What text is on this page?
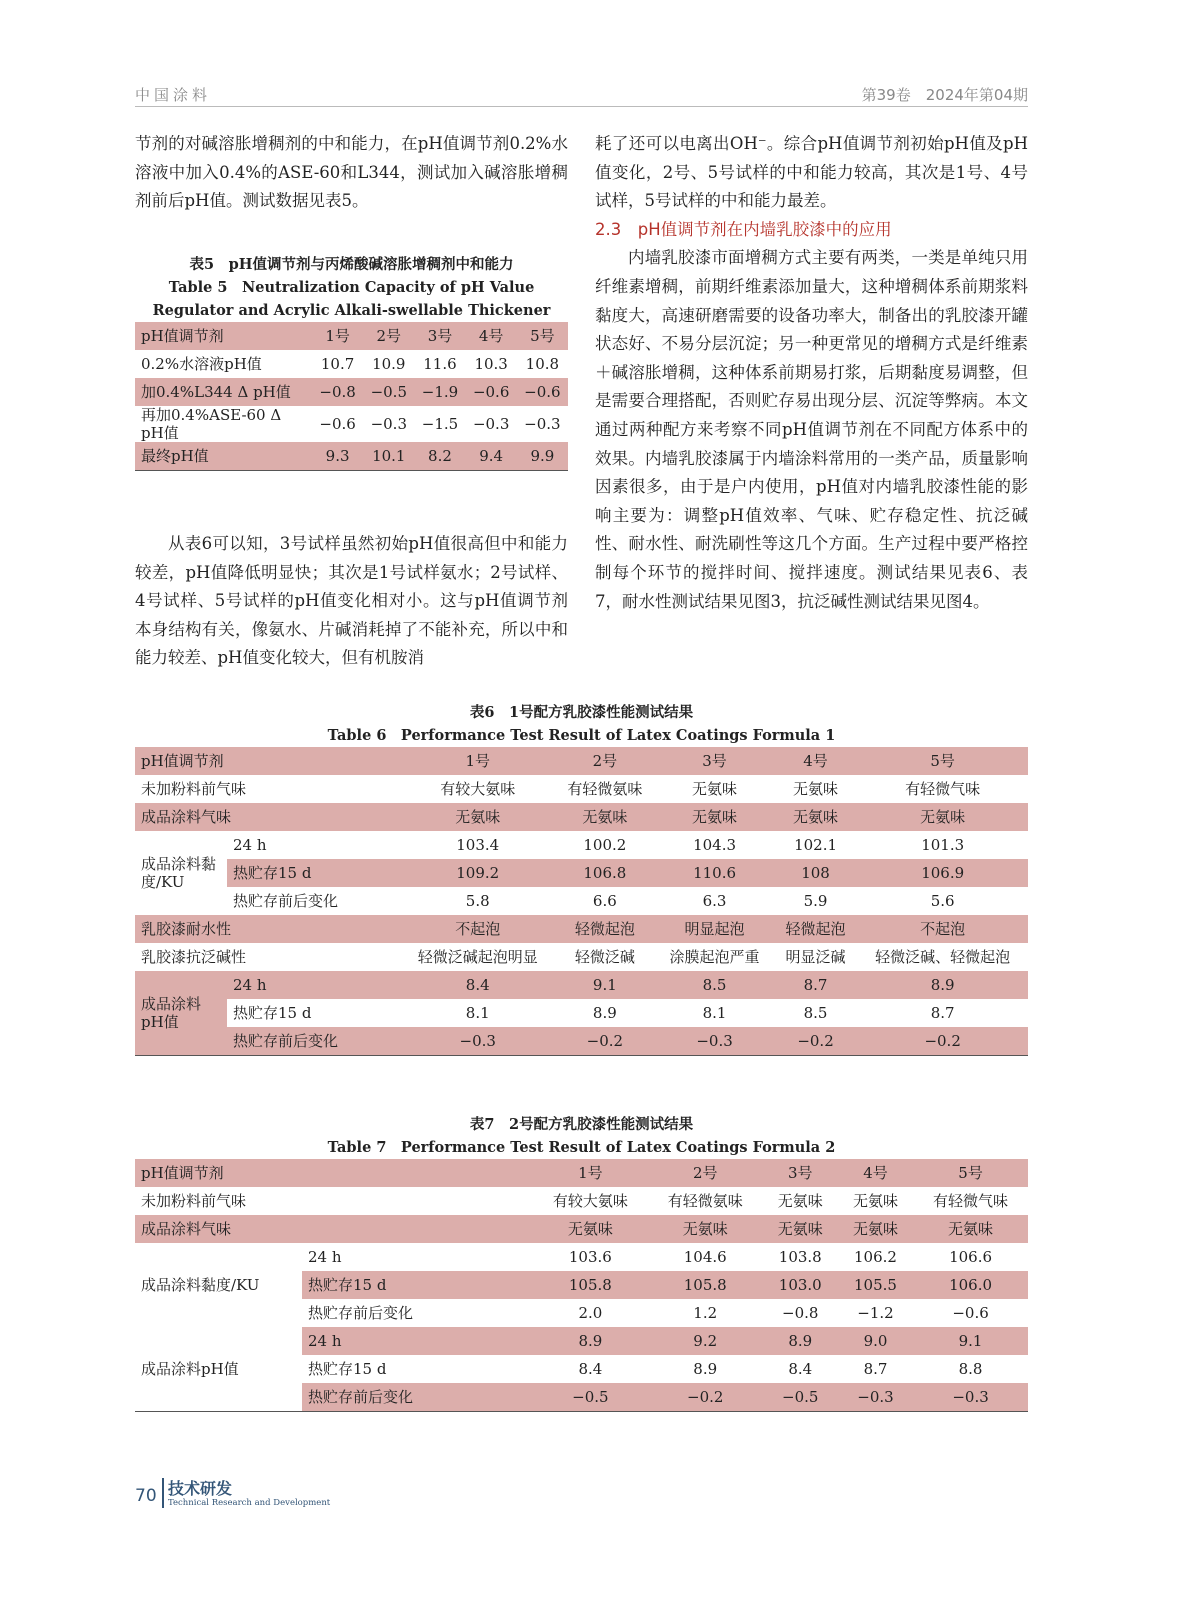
中国涂料	第39卷　2024年第04期

节剂的对碱溶胀增稠剂的中和能力，在pH值调节剂0.2%水溶液中加入0.4%的ASE-60和L344，测试加入碱溶胀增稠剂前后pH值。测试数据见表5。

表5　pH值调节剂与丙烯酸碱溶胀增稠剂中和能力
Table 5　Neutralization Capacity of pH Value Regulator and Acrylic Alkali-swellable Thickener
pH值调节剂	1号	2号	3号	4号	5号
0.2%水溶液pH值	10.7	10.9	11.6	10.3	10.8
加0.4%L344 Δ pH值	−0.8	−0.5	−1.9	−0.6	−0.6
再加0.4%ASE-60 Δ pH值	−0.6	−0.3	−1.5	−0.3	−0.3
最终pH值	9.3	10.1	8.2	9.4	9.9

从表6可以知，3号试样虽然初始pH值很高但中和能力较差，pH值降低明显快；其次是1号试样氨水；2号试样、4号试样、5号试样的pH值变化相对小。这与pH值调节剂本身结构有关，像氨水、片碱消耗掉了不能补充，所以中和能力较差、pH值变化较大，但有机胺消

耗了还可以电离出OH⁻。综合pH值调节剂初始pH值及pH值变化，2号、5号试样的中和能力较高，其次是1号、4号试样，5号试样的中和能力最差。

2.3　pH值调节剂在内墙乳胶漆中的应用

内墙乳胶漆市面增稠方式主要有两类，一类是单纯只用纤维素增稠，前期纤维素添加量大，这种增稠体系前期浆料黏度大，高速研磨需要的设备功率大，制备出的乳胶漆开罐状态好、不易分层沉淀；另一种更常见的增稠方式是纤维素＋碱溶胀增稠，这种体系前期易打浆，后期黏度易调整，但是需要合理搭配，否则贮存易出现分层、沉淀等弊病。本文通过两种配方来考察不同pH值调节剂在不同配方体系中的效果。内墙乳胶漆属于内墙涂料常用的一类产品，质量影响因素很多，由于是户内使用，pH值对内墙乳胶漆性能的影响主要为：调整pH值效率、气味、贮存稳定性、抗泛碱性、耐水性、耐洗刷性等这几个方面。生产过程中要严格控制每个环节的搅拌时间、搅拌速度。测试结果见表6、表7，耐水性测试结果见图3，抗泛碱性测试结果见图4。

表6　1号配方乳胶漆性能测试结果
Table 6　Performance Test Result of Latex Coatings Formula 1
pH值调节剂		1号	2号	3号	4号	5号
未加粉料前气味		有较大氨味	有轻微氨味	无氨味	无氨味	有轻微气味
成品涂料气味		无氨味	无氨味	无氨味	无氨味	无氨味
成品涂料黏度/KU	24 h	103.4	100.2	104.3	102.1	101.3
	热贮存15 d	109.2	106.8	110.6	108	106.9
	热贮存前后变化	5.8	6.6	6.3	5.9	5.6
乳胶漆耐水性		不起泡	轻微起泡	明显起泡	轻微起泡	不起泡
乳胶漆抗泛碱性		轻微泛碱起泡明显	轻微泛碱	涂膜起泡严重	明显泛碱	轻微泛碱、轻微起泡
成品涂料pH值	24 h	8.4	9.1	8.5	8.7	8.9
	热贮存15 d	8.1	8.9	8.1	8.5	8.7
	热贮存前后变化	−0.3	−0.2	−0.3	−0.2	−0.2
表7　2号配方乳胶漆性能测试结果
Table 7　Performance Test Result of Latex Coatings Formula 2
pH值调节剂		1号	2号	3号	4号	5号
未加粉料前气味		有较大氨味	有轻微氨味	无氨味	无氨味	有轻微气味
成品涂料气味		无氨味	无氨味	无氨味	无氨味	无氨味
成品涂料黏度/KU	24 h	103.6	104.6	103.8	106.2	106.6
	热贮存15 d	105.8	105.8	103.0	105.5	106.0
	热贮存前后变化	2.0	1.2	−0.8	−1.2	−0.6
成品涂料pH值	24 h	8.9	9.2	8.9	9.0	9.1
	热贮存15 d	8.4	8.9	8.4	8.7	8.8
	热贮存前后变化	−0.5	−0.2	−0.5	−0.3	−0.3
70 技术研发
Technical Research and Development
